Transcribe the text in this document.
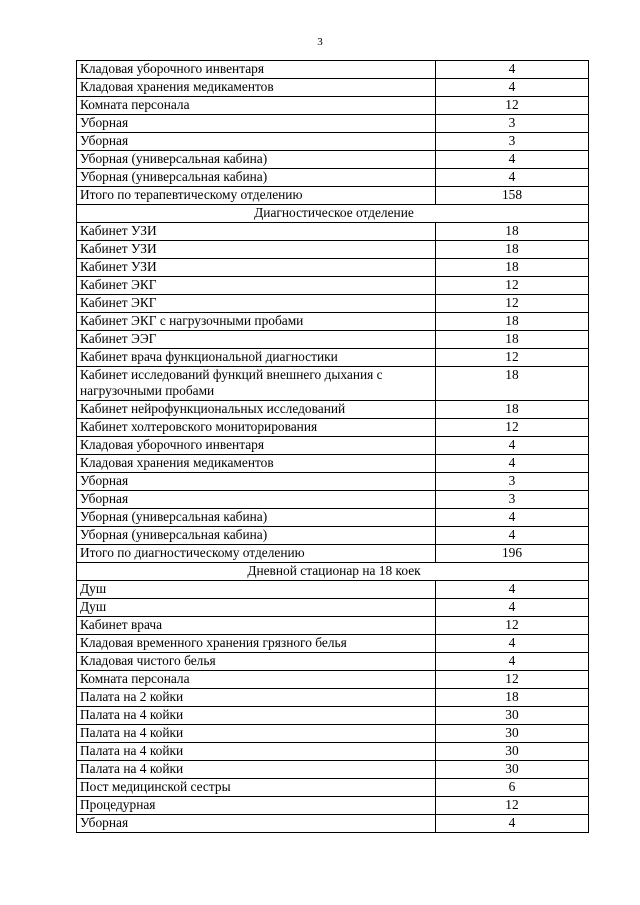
3
Кладовая уборочного инвентаря	4
Кладовая хранения медикаментов	4
Комната персонала	12
Уборная	3
Уборная	3
Уборная (универсальная кабина)	4
Уборная (универсальная кабина)	4
Итого по терапевтическому отделению	158
Диагностическое отделение	
Кабинет УЗИ	18
Кабинет УЗИ	18
Кабинет УЗИ	18
Кабинет ЭКГ	12
Кабинет ЭКГ	12
Кабинет ЭКГ с нагрузочными пробами	18
Кабинет ЭЭГ	18
Кабинет врача функциональной диагностики	12
Кабинет исследований функций внешнего дыхания с нагрузочными пробами	18
Кабинет нейрофункциональных исследований	18
Кабинет холтеровского мониторирования	12
Кладовая уборочного инвентаря	4
Кладовая хранения медикаментов	4
Уборная	3
Уборная	3
Уборная (универсальная кабина)	4
Уборная (универсальная кабина)	4
Итого по диагностическому отделению	196
Дневной стационар на 18 коек	
Душ	4
Душ	4
Кабинет врача	12
Кладовая временного хранения грязного белья	4
Кладовая чистого белья	4
Комната персонала	12
Палата на 2 койки	18
Палата на 4 койки	30
Палата на 4 койки	30
Палата на 4 койки	30
Палата на 4 койки	30
Пост медицинской сестры	6
Процедурная	12
Уборная	4
